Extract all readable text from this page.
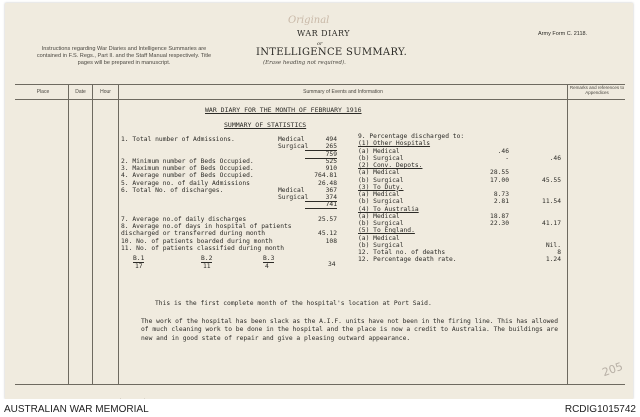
Instructions regarding War Diaries and Intelligence Summaries are contained in F.S. Regs., Part II. and the Staff Manual respectively. Title pages will be prepared in manuscript.
Original
WAR DIARY
or
INTELLIGENCE SUMMARY.
(Erase heading not required).
Army Form C. 2118.
Place	Date	Hour	Summary of Events and Information
Remarks and references to Appendices
WAR DIARY FOR THE MONTH OF FEBRUARY 1916
SUMMARY OF STATISTICS
This is the first complete month of the hospital's location at Port Said.
The work of the hospital has been slack as the A.I.F. units have not been in the firing line. This has allowed of much cleaning work to be done in the hospital and the place is now a credit to Australia. The buildings are new and in good state of repair and give a pleasing outward appearance.
205
1. Total number of Admissions.	Medical	494
Surgical	265
759
2. Minimum number of Beds Occupied.	525
3. Maximum number of Beds Occupied.	910
4. Average number of Beds Occupied.	764.81
5. Average no. of daily Admissions	26.48
6. Total No. of discharges.	Medical	367
Surgical	374
741
7. Average no.of daily discharges	25.57
8. Average no.of days in hospital of patients
discharged or transferred during month	45.12
10. No. of patients boarded during month	108
11. No. of patients classified during month
B.1
17
B.2
11
B.3
4	34
9. Percentage discharged to:
(1) Other Hospitals
(a) Medical	.46
(b) Surgical	-	.46
(2) Conv. Depots.
(a) Medical	28.55
(b) Surgical	17.00	45.55
(3) To Duty.
(a) Medical	8.73
(b) Surgical	2.81	11.54
(4) To Australia
(a) Medical	18.87
(b) Surgical	22.30	41.17
(5) To England.
(a) Medical
(b) Surgical	Nil.
12. Total no. of deaths	8
12. Percentage death rate.	1.24
AUSTRALIAN WAR MEMORIAL	RCDIG1015742
